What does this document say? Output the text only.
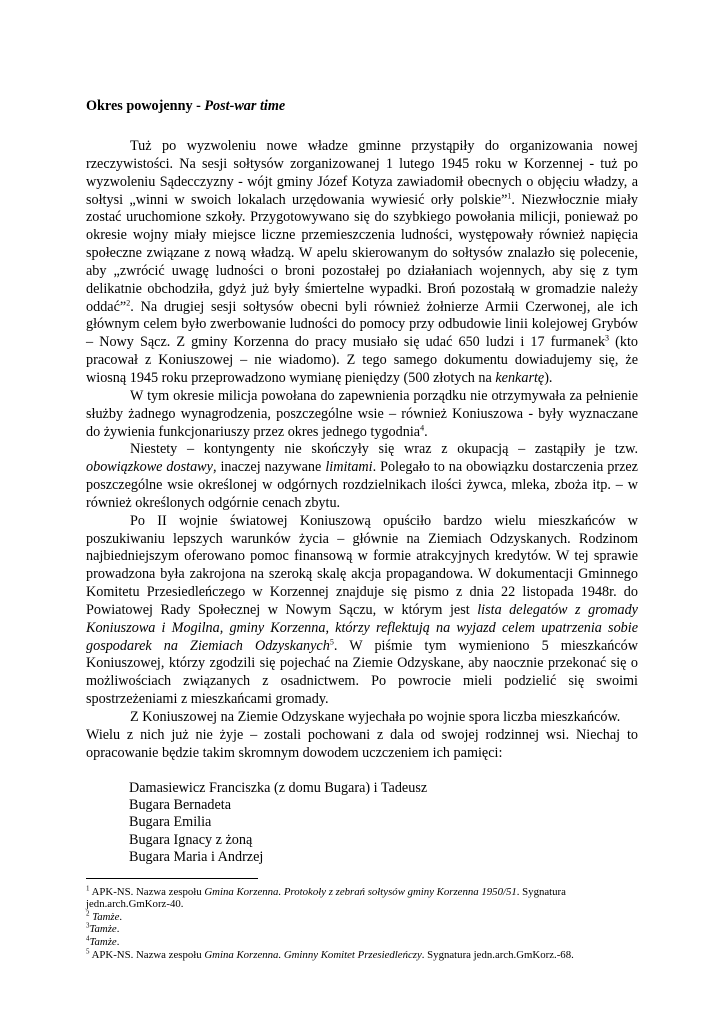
Okres powojenny - Post-war time

Tuż po wyzwoleniu nowe władze gminne przystąpiły do organizowania nowej rzeczywistości. Na sesji sołtysów zorganizowanej 1 lutego 1945 roku w Korzennej - tuż po wyzwoleniu Sądecczyzny - wójt gminy Józef Kotyza zawiadomił obecnych o objęciu władzy, a sołtysi „winni w swoich lokalach urzędowania wywiesić orły polskie”$^1$. Niezwłocznie miały zostać uruchomione szkoły. Przygotowywano się do szybkiego powołania milicji, ponieważ po okresie wojny miały miejsce liczne przemieszczenia ludności, występowały również napięcia społeczne związane z nową władzą. W apelu skierowanym do sołtysów znalazło się polecenie, aby „zwrócić uwagę ludności o broni pozostałej po działaniach wojennych, aby się z tym delikatnie obchodziła, gdyż już były śmiertelne wypadki. Broń pozostałą w gromadzie należy oddać”$^2$. Na drugiej sesji sołtysów obecni byli również żołnierze Armii Czerwonej, ale ich głównym celem było zwerbowanie ludności do pomocy przy odbudowie linii kolejowej Grybów – Nowy Sącz. Z gminy Korzenna do pracy musiało się udać 650 ludzi i 17 furmanek$^3$ (kto pracował z Koniuszowej – nie wiadomo). Z tego samego dokumentu dowiadujemy się, że wiosną 1945 roku przeprowadzono wymianę pieniędzy (500 złotych na kenkartę).

W tym okresie milicja powołana do zapewnienia porządku nie otrzymywała za pełnienie służby żadnego wynagrodzenia, poszczególne wsie – również Koniuszowa - były wyznaczane do żywienia funkcjonariuszy przez okres jednego tygodnia$^4$.

Niestety – kontyngenty nie skończyły się wraz z okupacją – zastąpiły je tzw. obowiązkowe dostawy, inaczej nazywane limitami. Polegało to na obowiązku dostarczenia przez poszczególne wsie określonej w odgórnych rozdzielnikach ilości żywca, mleka, zboża itp. – w również określonych odgórnie cenach zbytu.

Po II wojnie światowej Koniuszową opuściło bardzo wielu mieszkańców w poszukiwaniu lepszych warunków życia – głównie na Ziemiach Odzyskanych. Rodzinom najbiedniejszym oferowano pomoc finansową w formie atrakcyjnych kredytów. W tej sprawie prowadzona była zakrojona na szeroką skalę akcja propagandowa. W dokumentacji Gminnego Komitetu Przesiedleńczego w Korzennej znajduje się pismo z dnia 22 listopada 1948r. do Powiatowej Rady Społecznej w Nowym Sączu, w którym jest lista delegatów z gromady Koniuszowa i Mogilna, gminy Korzenna, którzy reflektują na wyjazd celem upatrzenia sobie gospodarek na Ziemiach Odzyskanych$^5$. W piśmie tym wymieniono 5 mieszkańców Koniuszowej, którzy zgodzili się pojechać na Ziemie Odzyskane, aby naocznie przekonać się o możliwościach związanych z osadnictwem. Po powrocie mieli podzielić się swoimi spostrzeżeniami z mieszkańcami gromady.

Z Koniuszowej na Ziemie Odzyskane wyjechała po wojnie spora liczba mieszkańców.

Wielu z nich już nie żyje – zostali pochowani z dala od swojej rodzinnej wsi. Niechaj to opracowanie będzie takim skromnym dowodem uczczeniem ich pamięci:

Damasiewicz Franciszka (z domu Bugara) i Tadeusz
Bugara Bernadeta
Bugara Emilia
Bugara Ignacy z żoną
Bugara Maria i Andrzej
$^1$ APK-NS. Nazwa zespołu Gmina Korzenna. Protokoły z zebrań sołtysów gminy Korzenna 1950/51. Sygnatura jedn.arch.GmKorz-40.
$^2$ Tamże.
$^3$Tamże.
$^4$Tamże.
$^5$ APK-NS. Nazwa zespołu Gmina Korzenna. Gminny Komitet Przesiedleńczy. Sygnatura jedn.arch.GmKorz.-68.
